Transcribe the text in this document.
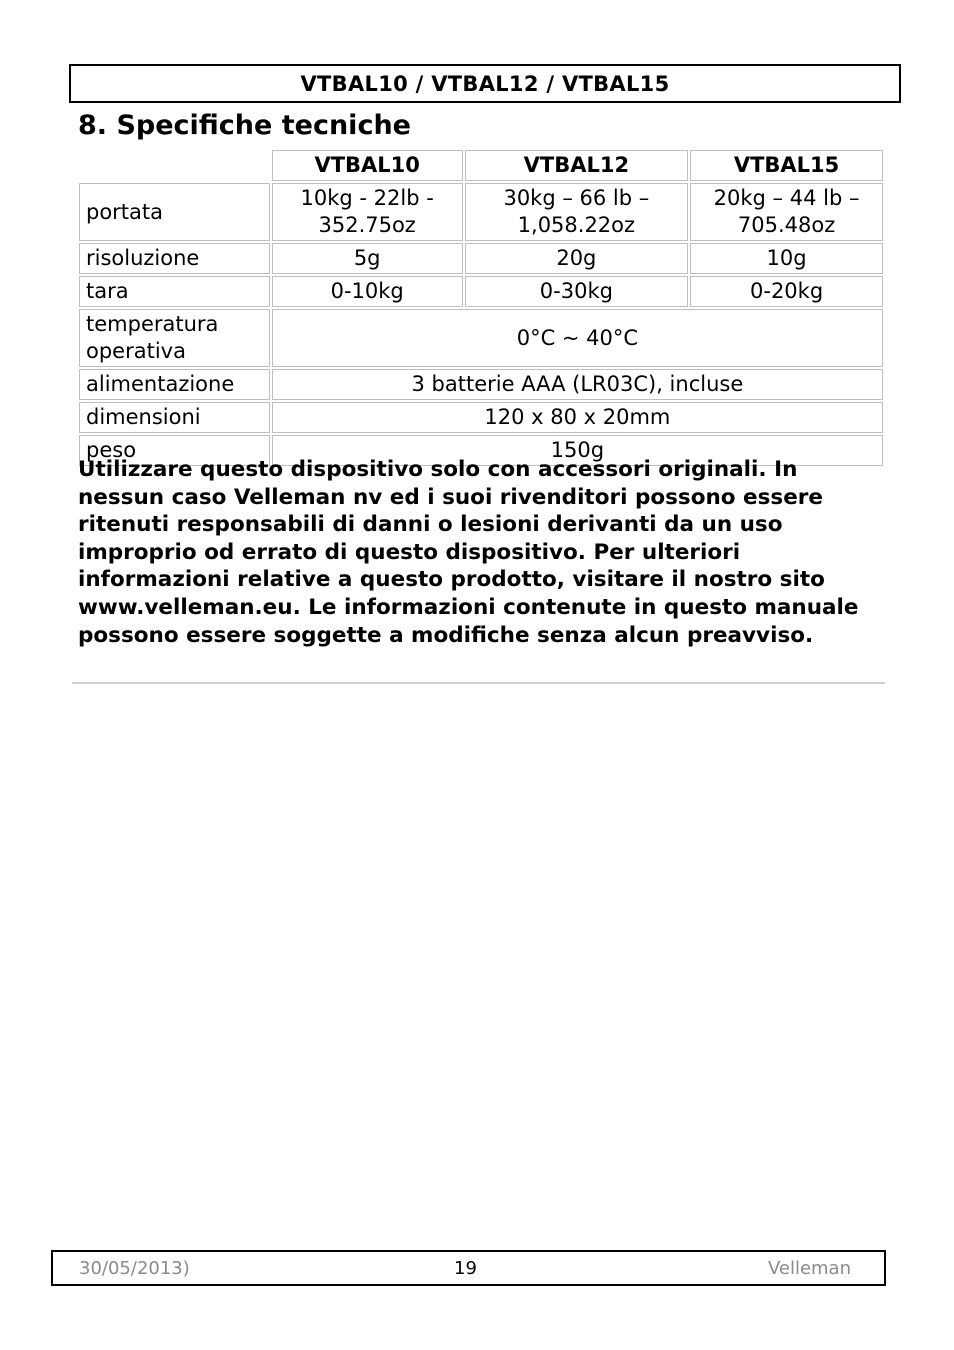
VTBAL10 / VTBAL12 / VTBAL15
8. Specifiche tecniche
	VTBAL10	VTBAL12	VTBAL15
portata	10kg - 22lb - 352.75oz	30kg – 66 lb – 1,058.22oz	20kg – 44 lb – 705.48oz
risoluzione	5g	20g	10g
tara	0-10kg	0-30kg	0-20kg
temperatura operativa	0°C ~ 40°C		
alimentazione	3 batterie AAA (LR03C), incluse		
dimensioni	120 x 80 x 20mm		
peso	150g		

Utilizzare questo dispositivo solo con accessori originali. In nessun caso Velleman nv ed i suoi rivenditori possono essere ritenuti responsabili di danni o lesioni derivanti da un uso improprio od errato di questo dispositivo. Per ulteriori informazioni relative a questo prodotto, visitare il nostro sito www.velleman.eu. Le informazioni contenute in questo manuale possono essere soggette a modifiche senza alcun preavviso.

30/05/2013)	19	Velleman
